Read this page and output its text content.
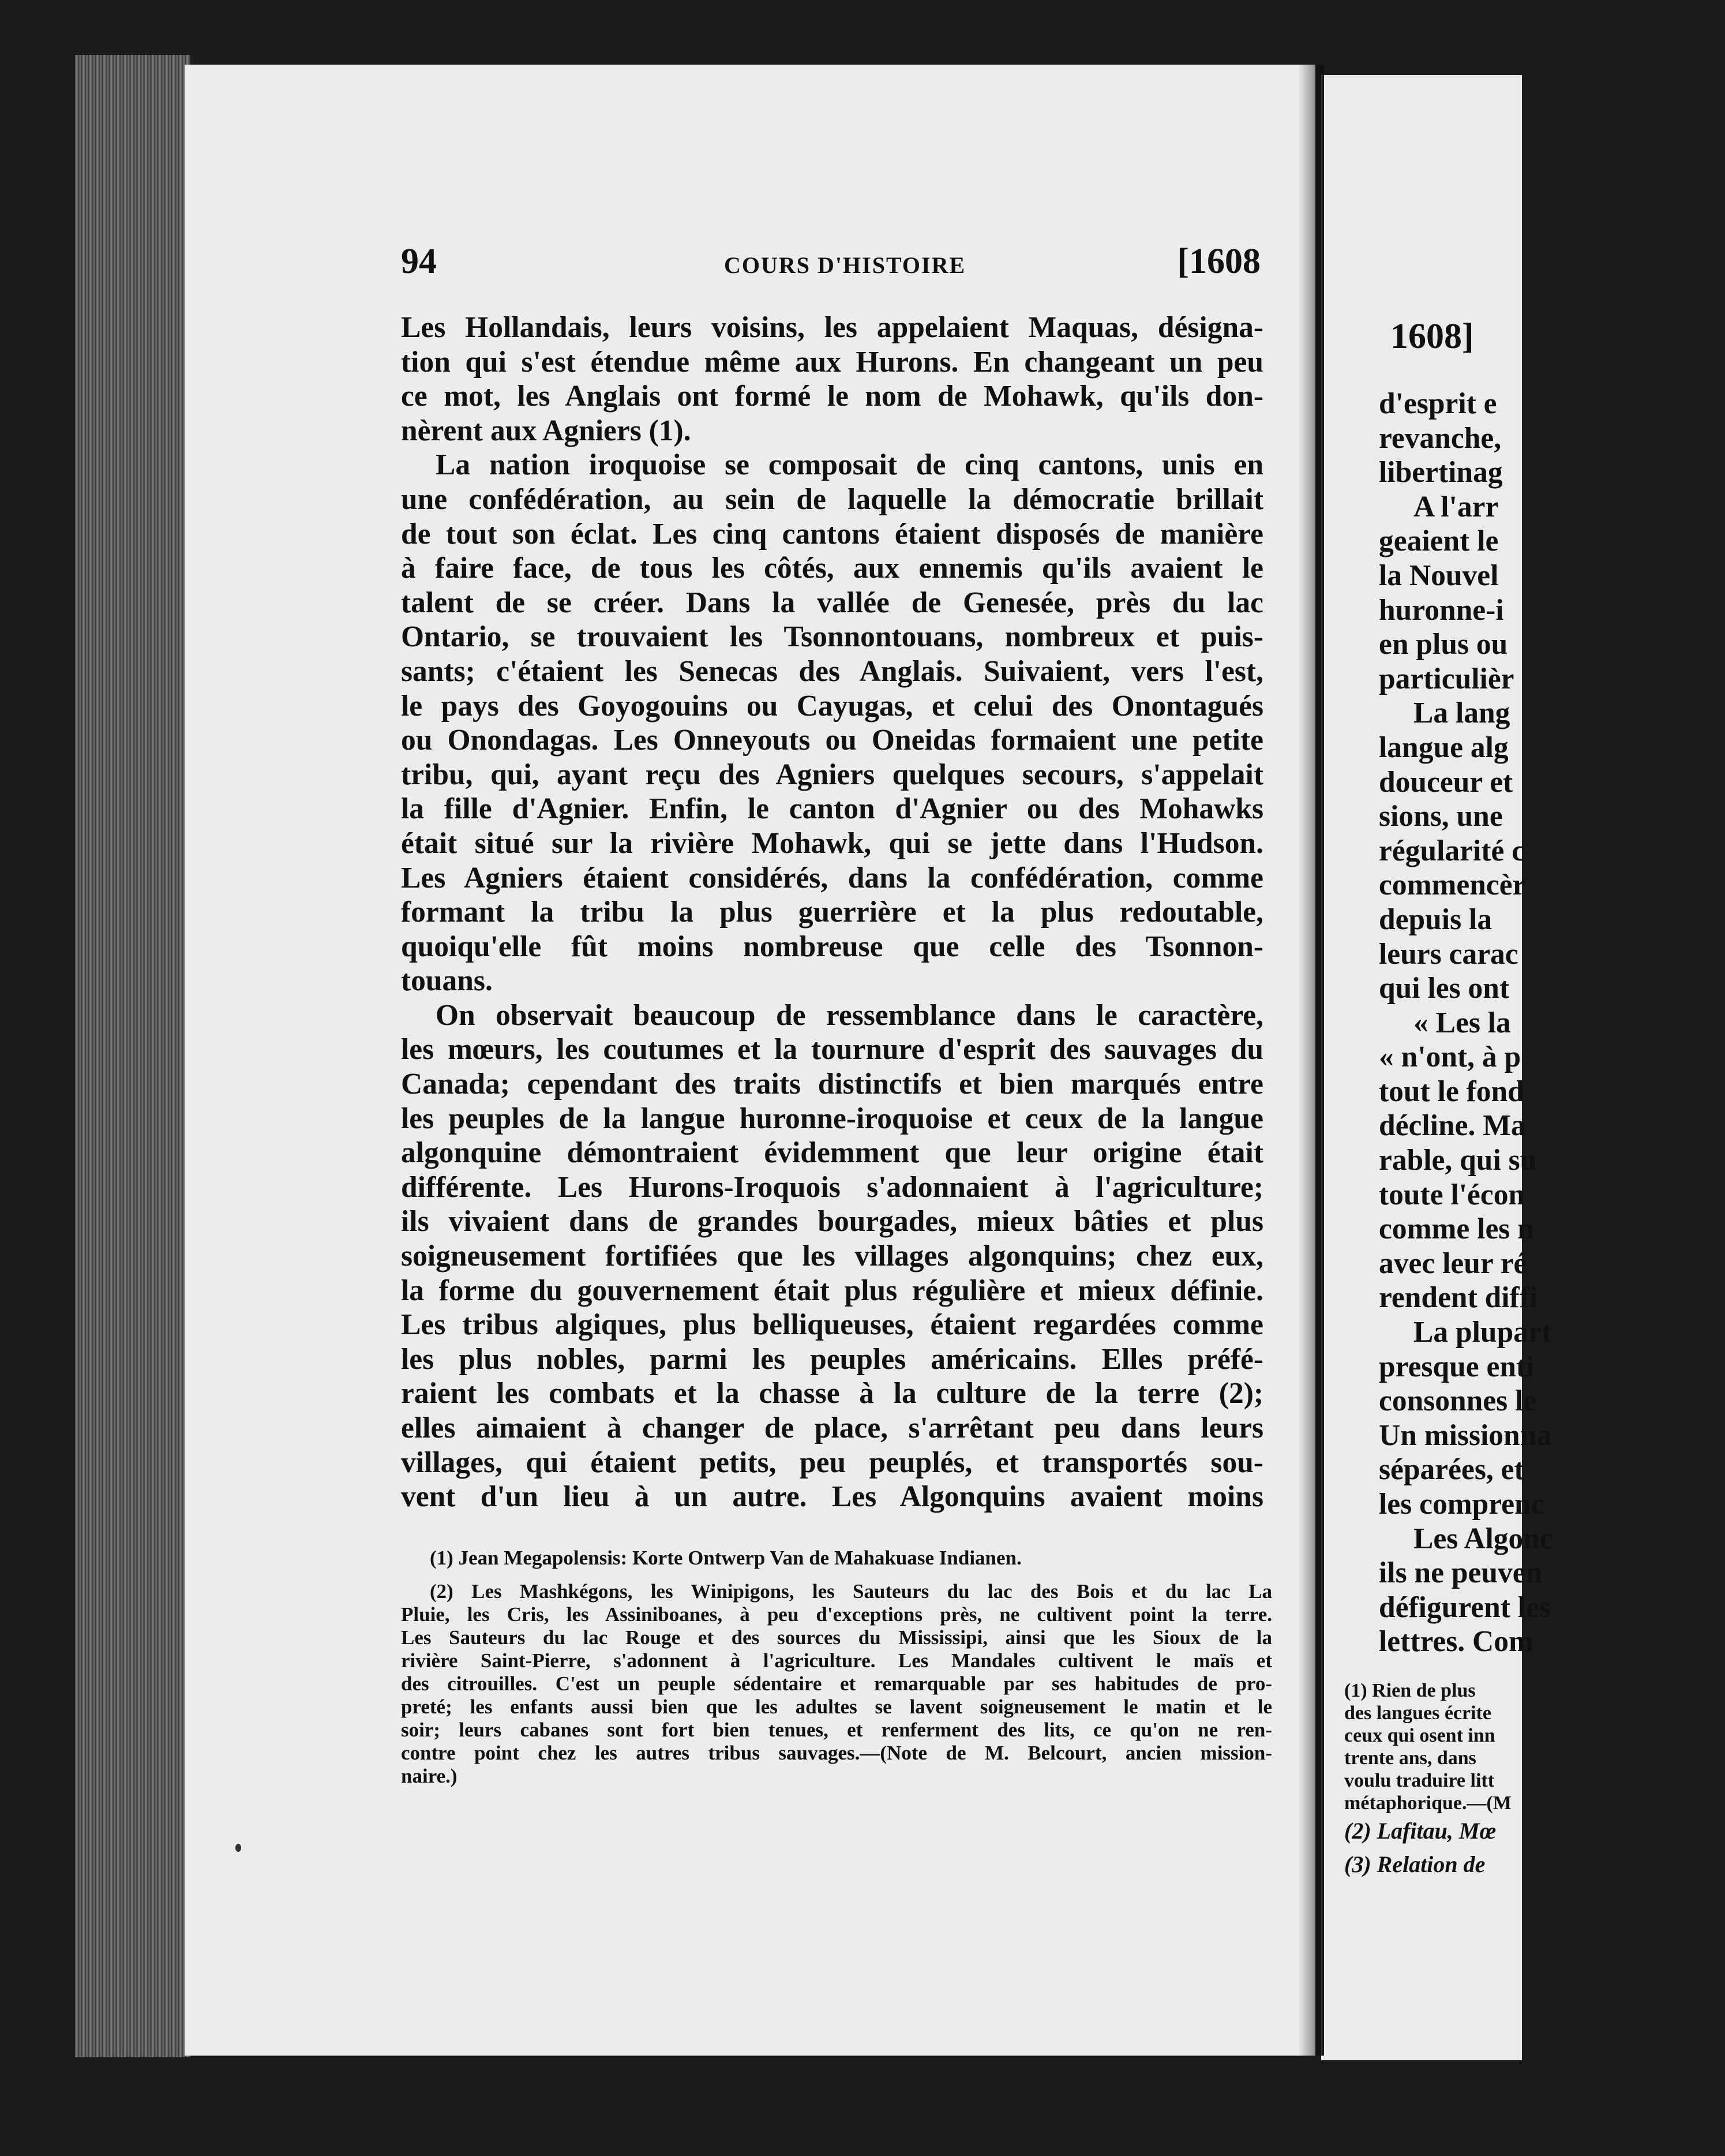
1608]
d'esprit e
revanche,
libertinag
A l'arr
geaient le
la Nouvel
huronne-i
en plus ou
particulièr
La lang
langue alg
douceur et
sions, une
régularité c
commencèr
depuis la
leurs carac
qui les ont
« Les la
« n'ont, à p
tout le fond
décline. Ma
rable, qui su
toute l'écon
comme les n
avec leur ré
rendent diffi
La plupart
presque enti
consonnes le
Un missionna
séparées, et
les comprenc
Les Algonc
ils ne peuven
défigurent les
lettres. Com
(1) Rien de plus
des langues écrite
ceux qui osent inn
trente ans, dans
voulu traduire litt
métaphorique.—(M
(2) Lafitau, Mœ
(3) Relation de
94	COURS D'HISTOIRE	[1608
Les Hollandais, leurs voisins, les appelaient Maquas, désigna-
tion qui s'est étendue même aux Hurons. En changeant un peu
ce mot, les Anglais ont formé le nom de Mohawk, qu'ils don-
nèrent aux Agniers (1).
La nation iroquoise se composait de cinq cantons, unis en
une confédération, au sein de laquelle la démocratie brillait
de tout son éclat. Les cinq cantons étaient disposés de manière
à faire face, de tous les côtés, aux ennemis qu'ils avaient le
talent de se créer. Dans la vallée de Genesée, près du lac
Ontario, se trouvaient les Tsonnontouans, nombreux et puis-
sants; c'étaient les Senecas des Anglais. Suivaient, vers l'est,
le pays des Goyogouins ou Cayugas, et celui des Onontagués
ou Onondagas. Les Onneyouts ou Oneidas formaient une petite
tribu, qui, ayant reçu des Agniers quelques secours, s'appelait
la fille d'Agnier. Enfin, le canton d'Agnier ou des Mohawks
était situé sur la rivière Mohawk, qui se jette dans l'Hudson.
Les Agniers étaient considérés, dans la confédération, comme
formant la tribu la plus guerrière et la plus redoutable,
quoiqu'elle fût moins nombreuse que celle des Tsonnon-
touans.
On observait beaucoup de ressemblance dans le caractère,
les mœurs, les coutumes et la tournure d'esprit des sauvages du
Canada; cependant des traits distinctifs et bien marqués entre
les peuples de la langue huronne-iroquoise et ceux de la langue
algonquine démontraient évidemment que leur origine était
différente. Les Hurons-Iroquois s'adonnaient à l'agriculture;
ils vivaient dans de grandes bourgades, mieux bâties et plus
soigneusement fortifiées que les villages algonquins; chez eux,
la forme du gouvernement était plus régulière et mieux définie.
Les tribus algiques, plus belliqueuses, étaient regardées comme
les plus nobles, parmi les peuples américains. Elles préfé-
raient les combats et la chasse à la culture de la terre (2);
elles aimaient à changer de place, s'arrêtant peu dans leurs
villages, qui étaient petits, peu peuplés, et transportés sou-
vent d'un lieu à un autre. Les Algonquins avaient moins
(1) Jean Megapolensis: Korte Ontwerp Van de Mahakuase Indianen.
(2) Les Mashkégons, les Winipigons, les Sauteurs du lac des Bois et du lac La
Pluie, les Cris, les Assiniboanes, à peu d'exceptions près, ne cultivent point la terre.
Les Sauteurs du lac Rouge et des sources du Mississipi, ainsi que les Sioux de la
rivière Saint-Pierre, s'adonnent à l'agriculture. Les Mandales cultivent le maïs et
des citrouilles. C'est un peuple sédentaire et remarquable par ses habitudes de pro-
preté; les enfants aussi bien que les adultes se lavent soigneusement le matin et le
soir; leurs cabanes sont fort bien tenues, et renferment des lits, ce qu'on ne ren-
contre point chez les autres tribus sauvages.—(Note de M. Belcourt, ancien mission-
naire.)
